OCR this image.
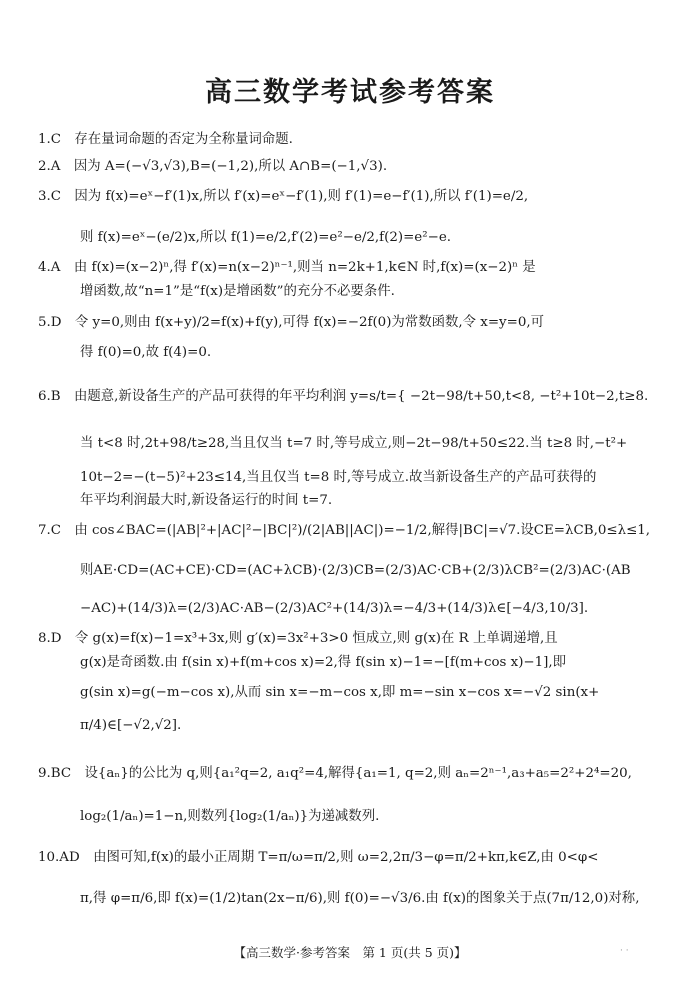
高三数学考试参考答案
1.C　存在量词命题的否定为全称量词命题.
2.A　因为 A=(−√3,√3),B=(−1,2),所以 A∩B=(−1,√3).
3.C　因为 f(x)=eˣ−f′(1)x,所以 f′(x)=eˣ−f′(1),则 f′(1)=e−f′(1),所以 f′(1)=e/2,
则 f(x)=eˣ−(e/2)x,所以 f(1)=e/2,f′(2)=e²−e/2,f(2)=e²−e.
4.A　由 f(x)=(x−2)ⁿ,得 f′(x)=n(x−2)ⁿ⁻¹,则当 n=2k+1,k∈N 时,f(x)=(x−2)ⁿ 是
增函数,故“n=1”是“f(x)是增函数”的充分不必要条件.
5.D　令 y=0,则由 f(x+y)/2=f(x)+f(y),可得 f(x)=−2f(0)为常数函数,令 x=y=0,可
得 f(0)=0,故 f(4)=0.
6.B　由题意,新设备生产的产品可获得的年平均利润 y=s/t={ −2t−98/t+50,t<8, −t²+10t−2,t≥8.
当 t<8 时,2t+98/t≥28,当且仅当 t=7 时,等号成立,则−2t−98/t+50≤22.当 t≥8 时,−t²+
10t−2=−(t−5)²+23≤14,当且仅当 t=8 时,等号成立.故当新设备生产的产品可获得的
年平均利润最大时,新设备运行的时间 t=7.
7.C　由 cos∠BAC=(|AB|²+|AC|²−|BC|²)/(2|AB||AC|)=−1/2,解得|BC|=√7.设CE=λCB,0≤λ≤1,
则AE·CD=(AC+CE)·CD=(AC+λCB)·(2/3)CB=(2/3)AC·CB+(2/3)λCB²=(2/3)AC·(AB
−AC)+(14/3)λ=(2/3)AC·AB−(2/3)AC²+(14/3)λ=−4/3+(14/3)λ∈[−4/3,10/3].
8.D　令 g(x)=f(x)−1=x³+3x,则 g′(x)=3x²+3>0 恒成立,则 g(x)在 R 上单调递增,且
g(x)是奇函数.由 f(sin x)+f(m+cos x)=2,得 f(sin x)−1=−[f(m+cos x)−1],即
g(sin x)=g(−m−cos x),从而 sin x=−m−cos x,即 m=−sin x−cos x=−√2 sin(x+
π/4)∈[−√2,√2].
9.BC　设{aₙ}的公比为 q,则{a₁²q=2, a₁q²=4,解得{a₁=1, q=2,则 aₙ=2ⁿ⁻¹,a₃+a₅=2²+2⁴=20,
log₂(1/aₙ)=1−n,则数列{log₂(1/aₙ)}为递减数列.
10.AD　由图可知,f(x)的最小正周期 T=π/ω=π/2,则 ω=2,2π/3−φ=π/2+kπ,k∈Z,由 0<φ<
π,得 φ=π/6,即 f(x)=(1/2)tan(2x−π/6),则 f(0)=−√3/6.由 f(x)的图象关于点(7π/12,0)对称,
【高三数学·参考答案　第 1 页(共 5 页)】	· ·
